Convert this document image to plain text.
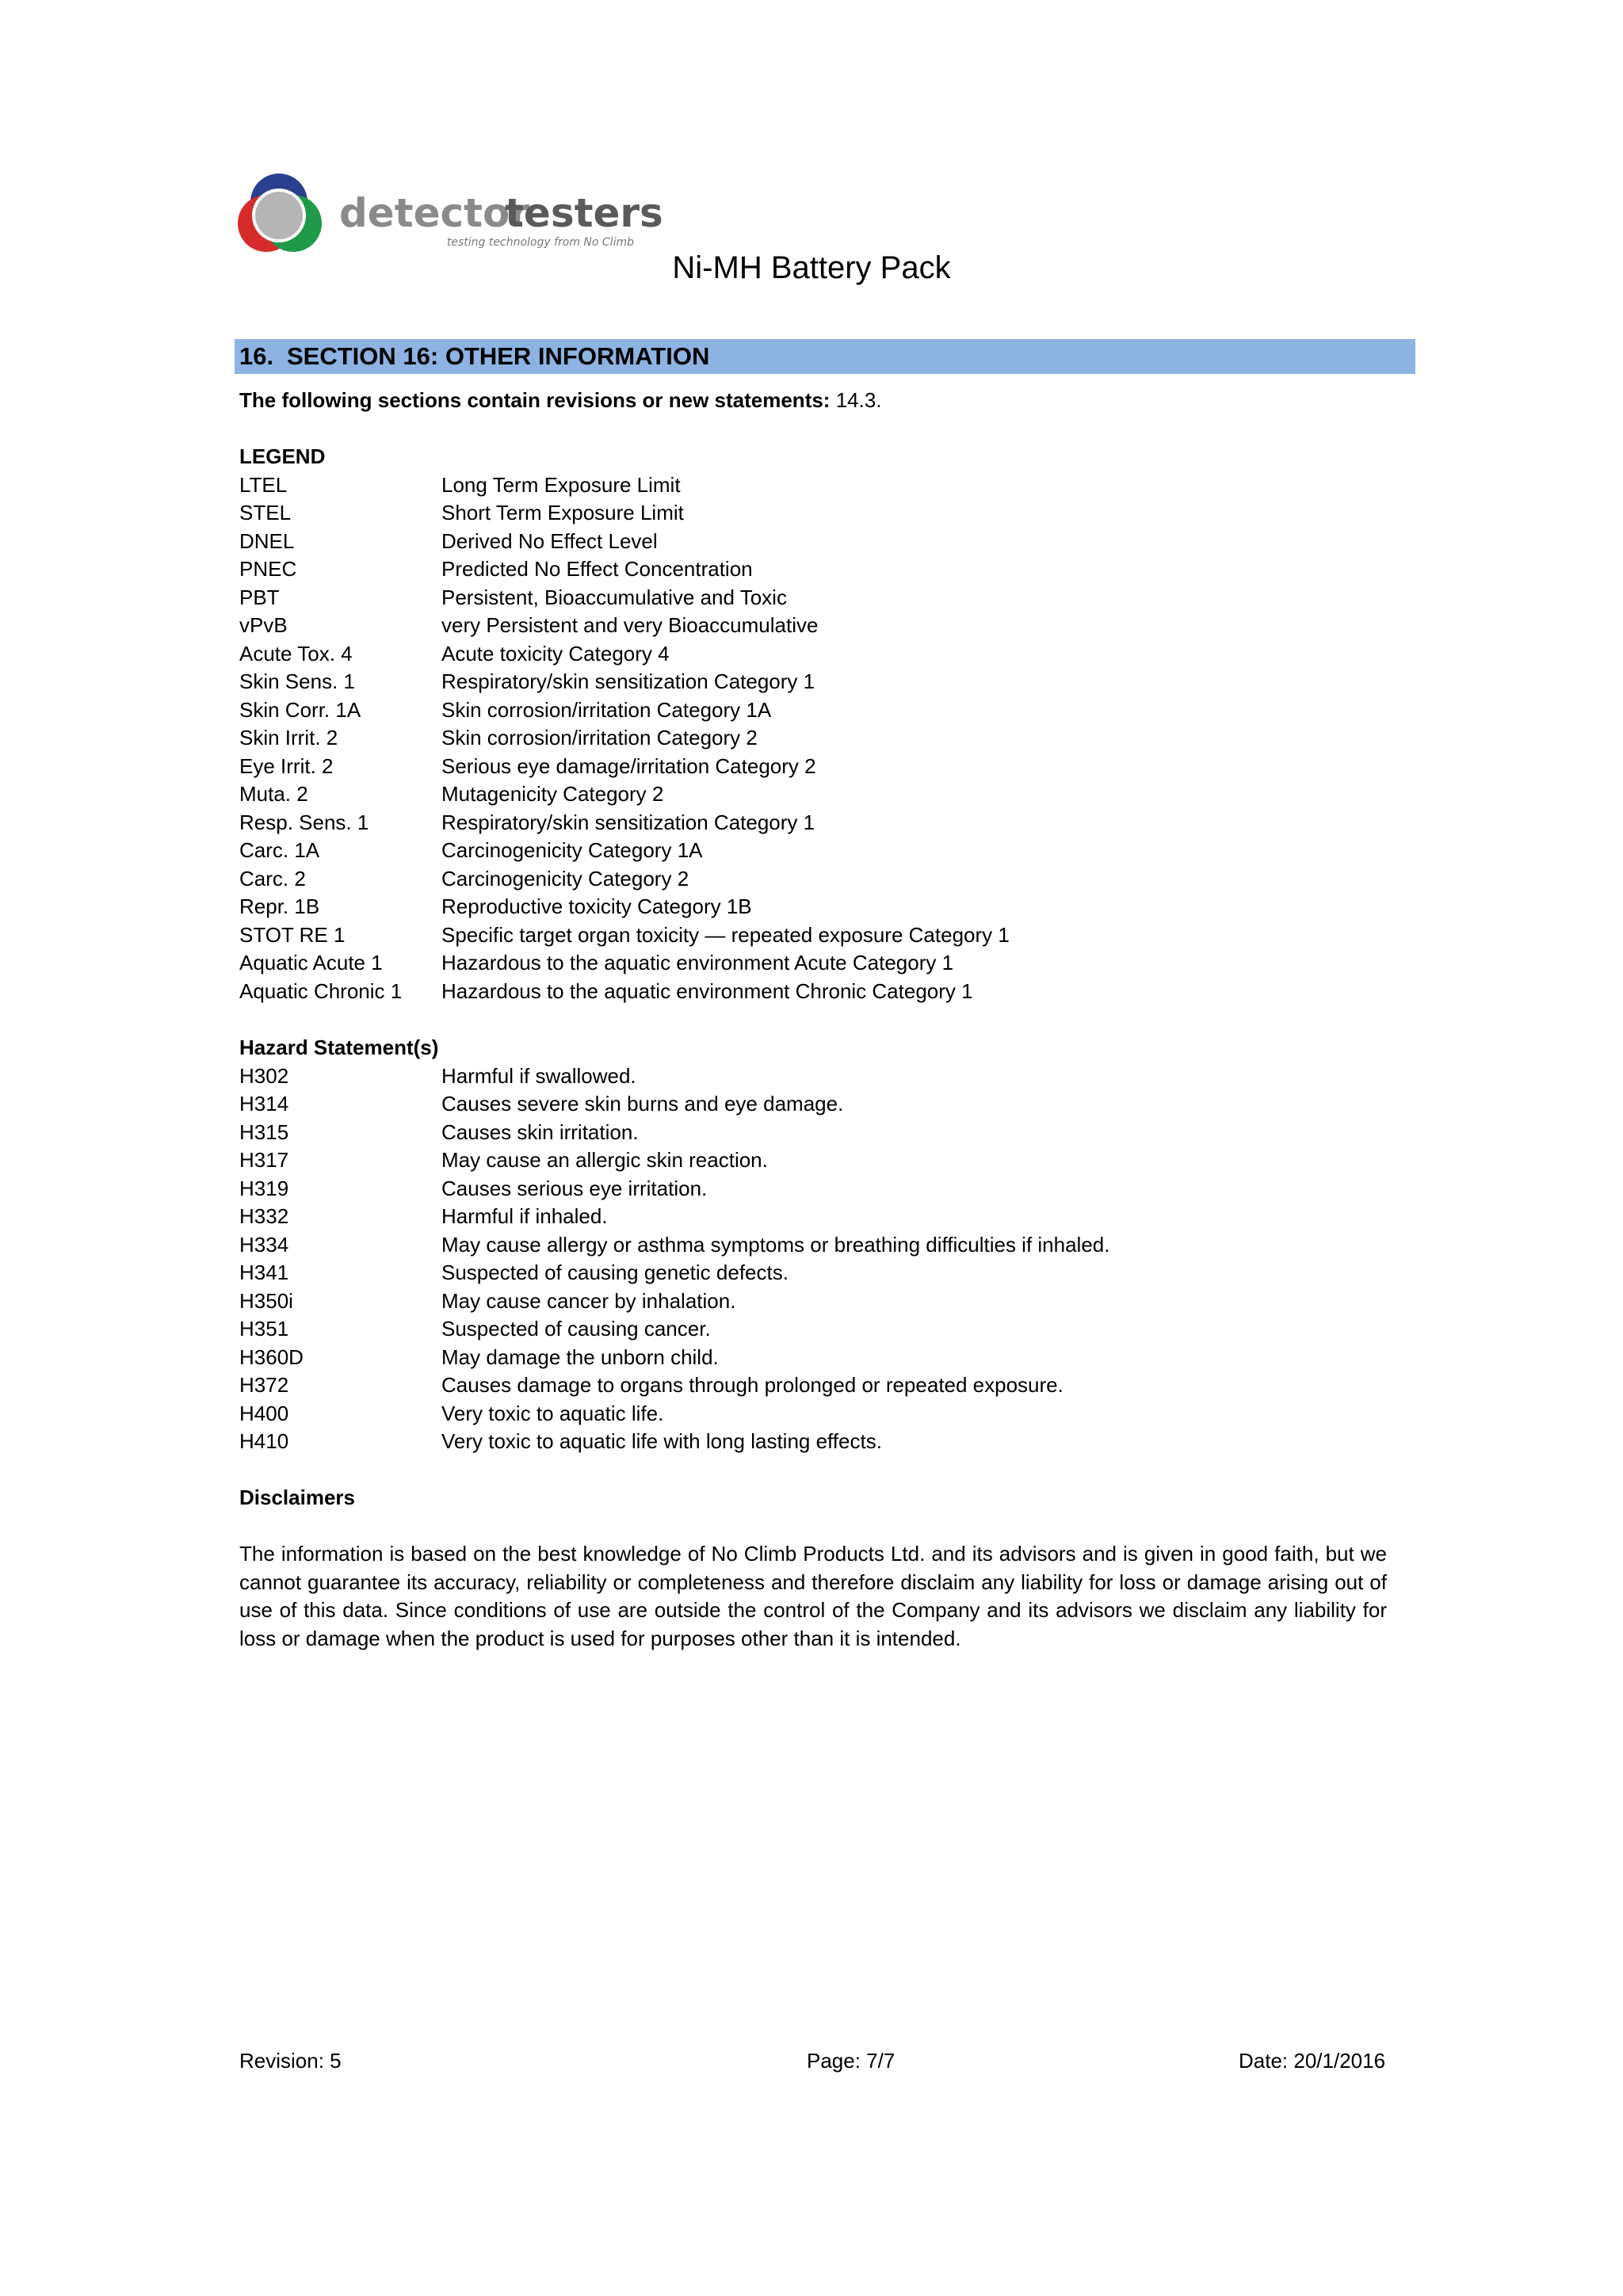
detector
testers
testing technology from No Climb
Ni-MH Battery Pack
16. SECTION 16: OTHER INFORMATION
The following sections contain revisions or new statements: 14.3.
LEGEND
LTEL	Long Term Exposure Limit
STEL	Short Term Exposure Limit
DNEL	Derived No Effect Level
PNEC	Predicted No Effect Concentration
PBT	Persistent, Bioaccumulative and Toxic
vPvB	very Persistent and very Bioaccumulative
Acute Tox. 4	Acute toxicity Category 4
Skin Sens. 1	Respiratory/skin sensitization Category 1
Skin Corr. 1A	Skin corrosion/irritation Category 1A
Skin Irrit. 2	Skin corrosion/irritation Category 2
Eye Irrit. 2	Serious eye damage/irritation Category 2
Muta. 2	Mutagenicity Category 2
Resp. Sens. 1	Respiratory/skin sensitization Category 1
Carc. 1A	Carcinogenicity Category 1A
Carc. 2	Carcinogenicity Category 2
Repr. 1B	Reproductive toxicity Category 1B
STOT RE 1	Specific target organ toxicity — repeated exposure Category 1
Aquatic Acute 1	Hazardous to the aquatic environment Acute Category 1
Aquatic Chronic 1	Hazardous to the aquatic environment Chronic Category 1
Hazard Statement(s)
H302	Harmful if swallowed.
H314	Causes severe skin burns and eye damage.
H315	Causes skin irritation.
H317	May cause an allergic skin reaction.
H319	Causes serious eye irritation.
H332	Harmful if inhaled.
H334	May cause allergy or asthma symptoms or breathing difficulties if inhaled.
H341	Suspected of causing genetic defects.
H350i	May cause cancer by inhalation.
H351	Suspected of causing cancer.
H360D	May damage the unborn child.
H372	Causes damage to organs through prolonged or repeated exposure.
H400	Very toxic to aquatic life.
H410	Very toxic to aquatic life with long lasting effects.
Disclaimers
The information is based on the best knowledge of No Climb Products Ltd. and its advisors and is given in good faith, but we cannot guarantee its accuracy, reliability or completeness and therefore disclaim any liability for loss or damage arising out of use of this data. Since conditions of use are outside the control of the Company and its advisors we disclaim any liability for loss or damage when the product is used for purposes other than it is intended.
Revision: 5	Page: 7/7	Date: 20/1/2016
